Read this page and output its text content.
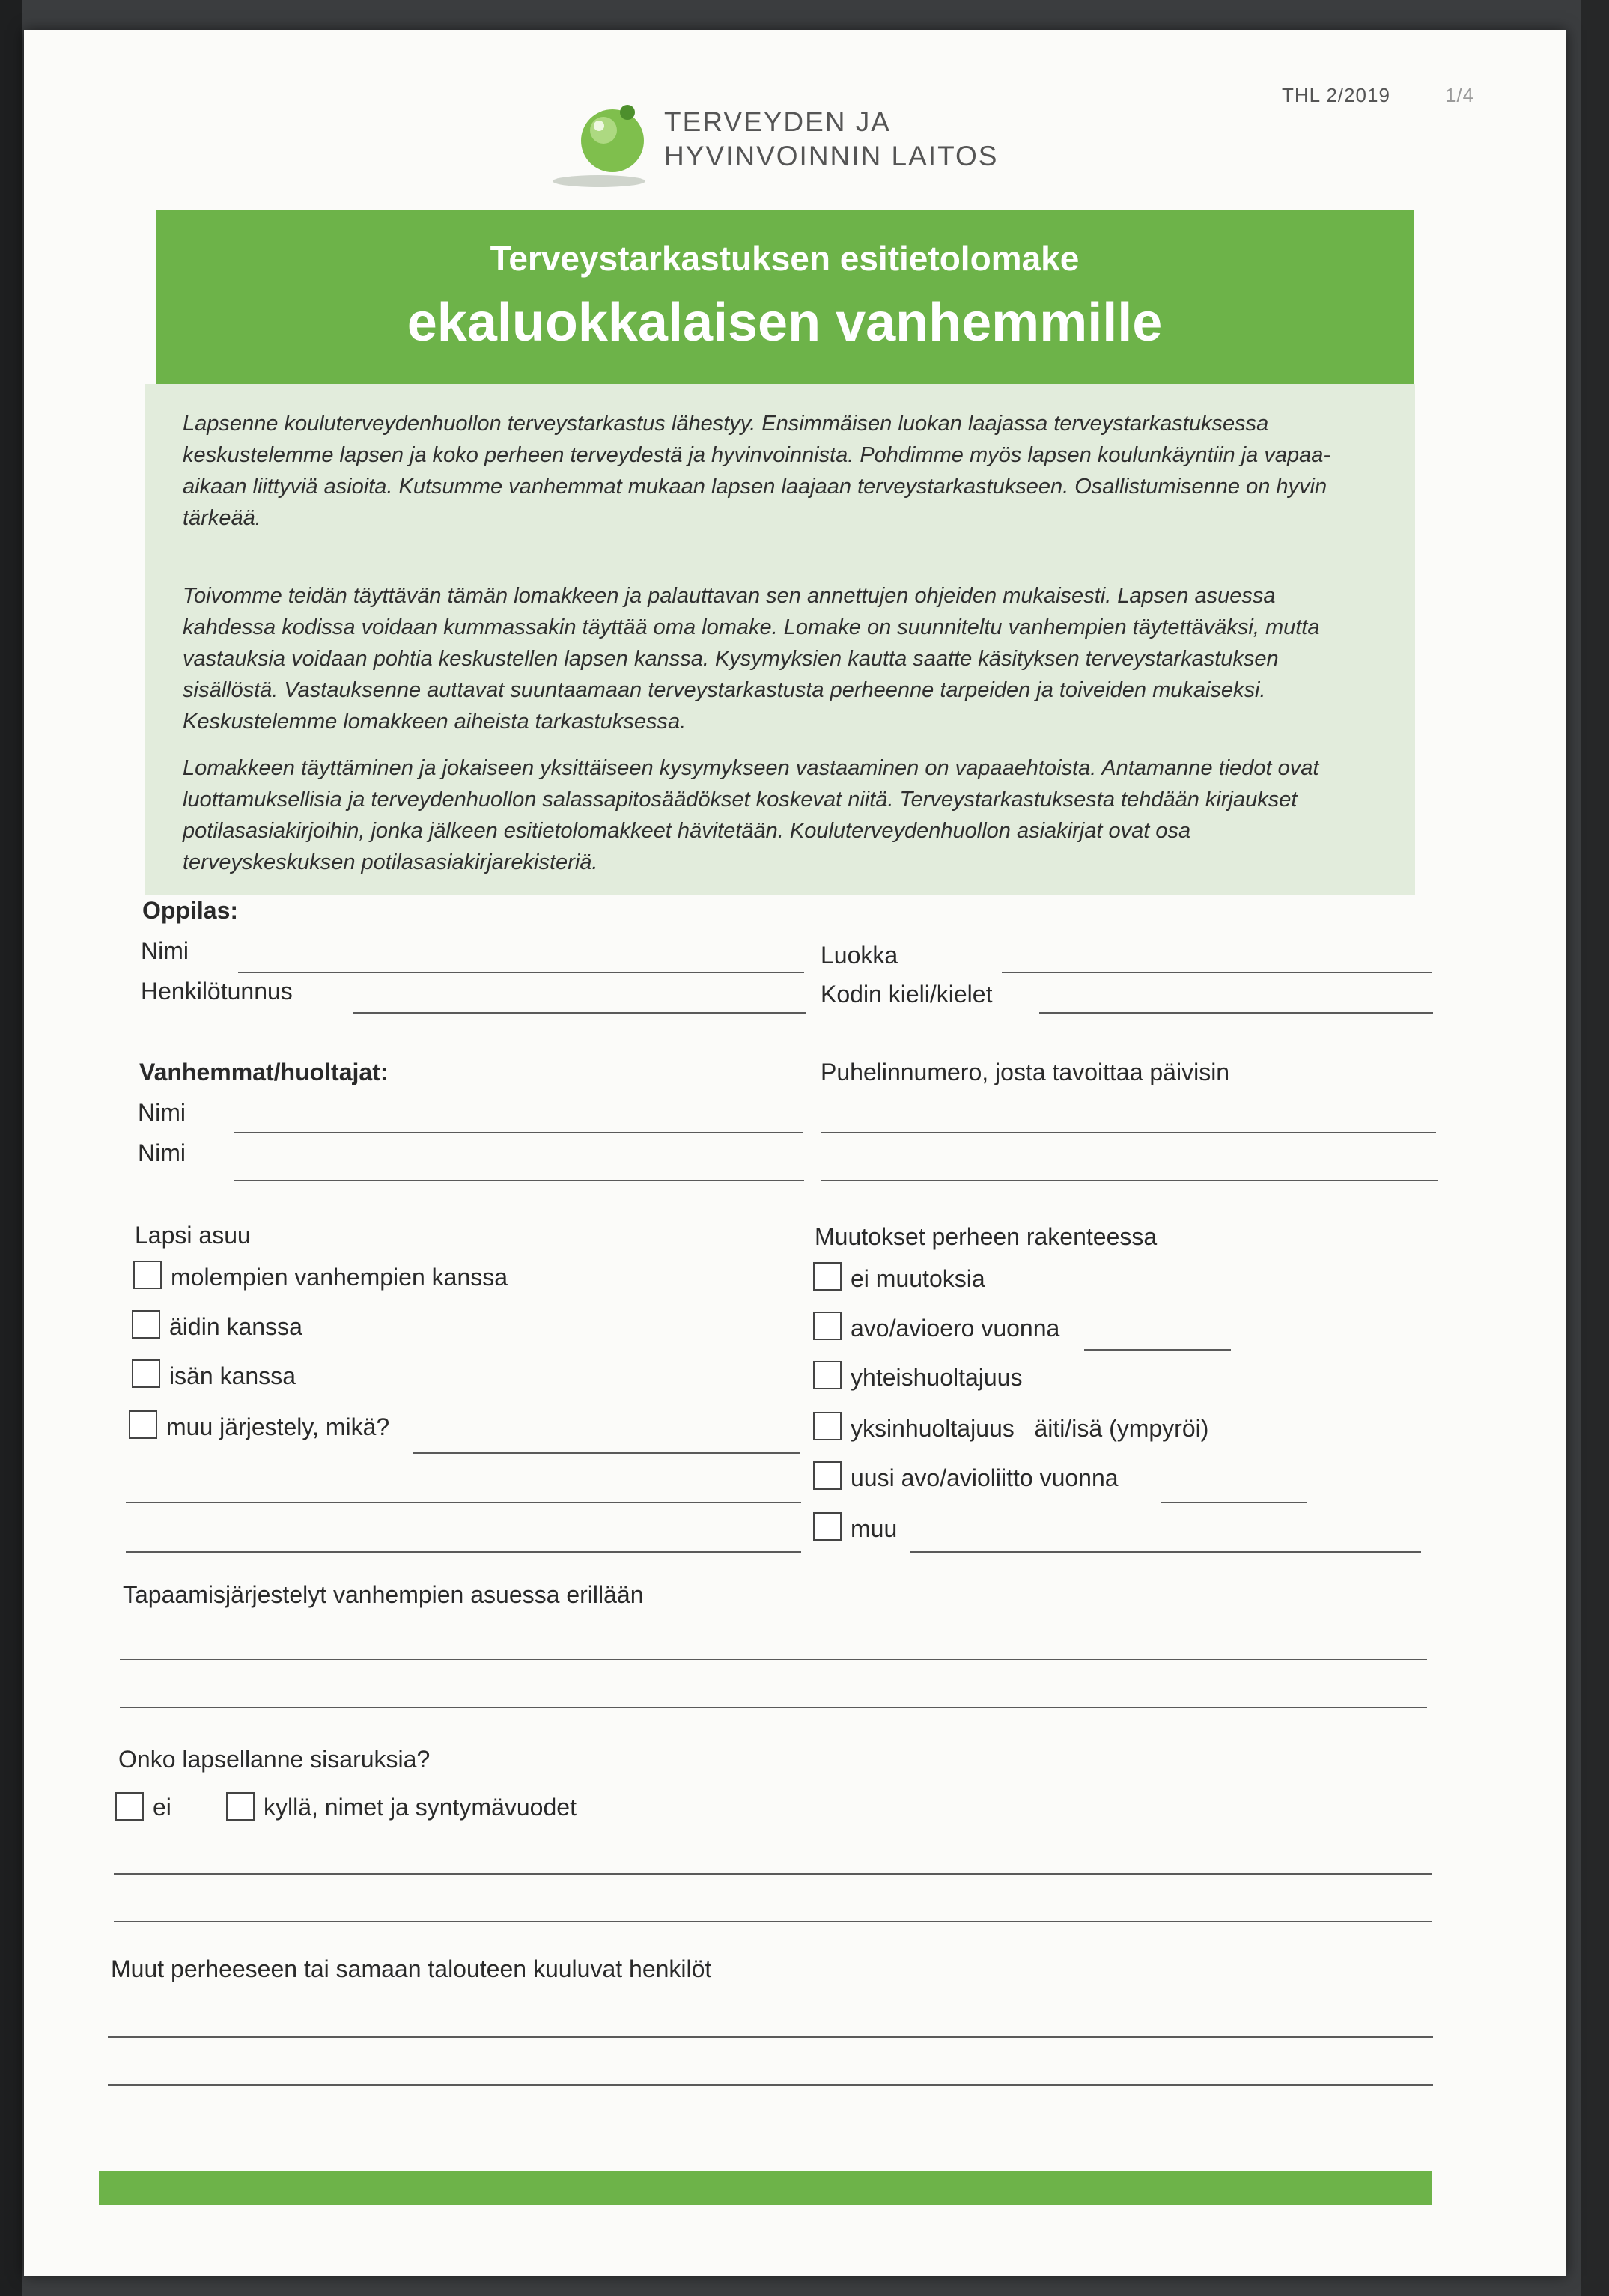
THL 2/2019	1/4
TERVEYDEN JA
HYVINVOINNIN LAITOS
Terveystarkastuksen esitietolomake
ekaluokkalaisen vanhemmille

Lapsenne kouluterveydenhuollon terveystarkastus lähestyy. Ensimmäisen luokan laajassa terveystarkastuksessa keskustelemme lapsen ja koko perheen terveydestä ja hyvinvoinnista. Pohdimme myös lapsen koulunkäyntiin ja vapaa-aikaan liittyviä asioita. Kutsumme vanhemmat mukaan lapsen laajaan terveystarkastukseen. Osallistumisenne on hyvin tärkeää.

Toivomme teidän täyttävän tämän lomakkeen ja palauttavan sen annettujen ohjeiden mukaisesti. Lapsen asuessa kahdessa kodissa voidaan kummassakin täyttää oma lomake. Lomake on suunniteltu vanhempien täytettäväksi, mutta vastauksia voidaan pohtia keskustellen lapsen kanssa. Kysymyksien kautta saatte käsityksen terveystarkastuksen sisällöstä. Vastauksenne auttavat suuntaamaan terveystarkastusta perheenne tarpeiden ja toiveiden mukaiseksi. Keskustelemme lomakkeen aiheista tarkastuksessa.

Lomakkeen täyttäminen ja jokaiseen yksittäiseen kysymykseen vastaaminen on vapaaehtoista. Antamanne tiedot ovat luottamuksellisia ja terveydenhuollon salassapitosäädökset koskevat niitä. Terveystarkastuksesta tehdään kirjaukset potilasasiakirjoihin, jonka jälkeen esitietolomakkeet hävitetään. Kouluterveydenhuollon asiakirjat ovat osa terveyskeskuksen potilasasiakirjarekisteriä.

Oppilas:
Nimi	Luokka
Henkilötunnus	Kodin kieli/kielet
Vanhemmat/huoltajat:	Puhelinnumero, josta tavoittaa päivisin
Nimi
Nimi
Lapsi asuu
molempien vanhempien kanssa
äidin kanssa
isän kanssa
muu järjestely, mikä?
Muutokset perheen rakenteessa
ei muutoksia
avo/avioero vuonna
yhteishuoltajuus
yksinhuoltajuus   äiti/isä (ympyröi)
uusi avo/avioliitto vuonna
muu
Tapaamisjärjestelyt vanhempien asuessa erillään
Onko lapsellanne sisaruksia?
ei	kyllä, nimet ja syntymävuodet
Muut perheeseen tai samaan talouteen kuuluvat henkilöt
